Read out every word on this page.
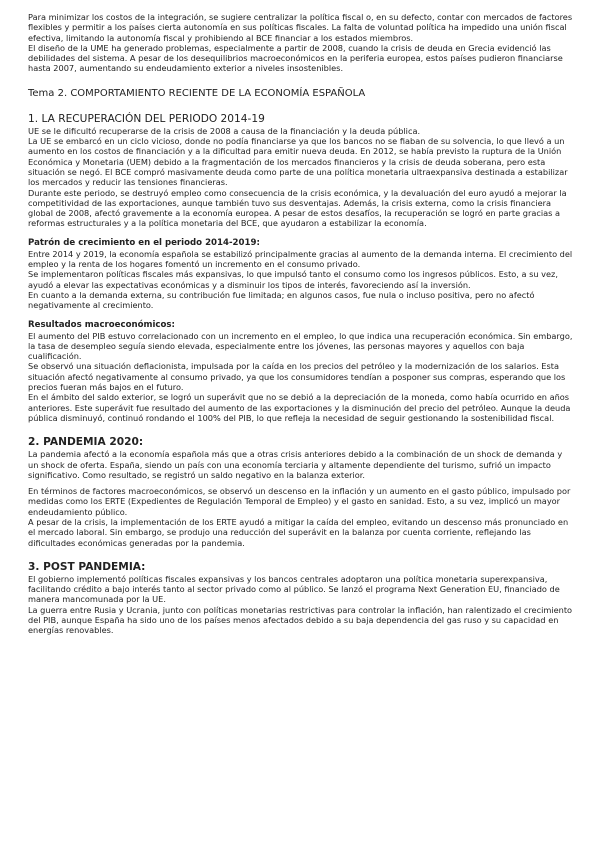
Para minimizar los costos de la integración, se sugiere centralizar la política fiscal o, en su defecto, contar con mercados de factores flexibles y permitir a los países cierta autonomía en sus políticas fiscales. La falta de voluntad política ha impedido una unión fiscal efectiva, limitando la autonomía fiscal y prohibiendo al BCE financiar a los estados miembros.

El diseño de la UME ha generado problemas, especialmente a partir de 2008, cuando la crisis de deuda en Grecia evidenció las debilidades del sistema. A pesar de los desequilibrios macroeconómicos en la periferia europea, estos países pudieron financiarse hasta 2007, aumentando su endeudamiento exterior a niveles insostenibles.

Tema 2. COMPORTAMIENTO RECIENTE DE LA ECONOMÍA ESPAÑOLA
1. LA RECUPERACIÓN DEL PERIODO 2014-19

UE se le dificultó recuperarse de la crisis de 2008 a causa de la financiación y la deuda pública.

La UE se embarcó en un ciclo vicioso, donde no podía financiarse ya que los bancos no se fiaban de su solvencia, lo que llevó a un aumento en los costos de financiación y a la dificultad para emitir nueva deuda. En 2012, se había previsto la ruptura de la Unión Económica y Monetaria (UEM) debido a la fragmentación de los mercados financieros y la crisis de deuda soberana, pero esta situación se negó. El BCE compró masivamente deuda como parte de una política monetaria ultraexpansiva destinada a estabilizar los mercados y reducir las tensiones financieras.

Durante este periodo, se destruyó empleo como consecuencia de la crisis económica, y la devaluación del euro ayudó a mejorar la competitividad de las exportaciones, aunque también tuvo sus desventajas. Además, la crisis externa, como la crisis financiera global de 2008, afectó gravemente a la economía europea. A pesar de estos desafíos, la recuperación se logró en parte gracias a reformas estructurales y a la política monetaria del BCE, que ayudaron a estabilizar la economía.

Patrón de crecimiento en el periodo 2014-2019:

Entre 2014 y 2019, la economía española se estabilizó principalmente gracias al aumento de la demanda interna. El crecimiento del empleo y la renta de los hogares fomentó un incremento en el consumo privado.

Se implementaron políticas fiscales más expansivas, lo que impulsó tanto el consumo como los ingresos públicos. Esto, a su vez, ayudó a elevar las expectativas económicas y a disminuir los tipos de interés, favoreciendo así la inversión.

En cuanto a la demanda externa, su contribución fue limitada; en algunos casos, fue nula o incluso positiva, pero no afectó negativamente al crecimiento.

Resultados macroeconómicos:

El aumento del PIB estuvo correlacionado con un incremento en el empleo, lo que indica una recuperación económica. Sin embargo, la tasa de desempleo seguía siendo elevada, especialmente entre los jóvenes, las personas mayores y aquellos con baja cualificación.

Se observó una situación deflacionista, impulsada por la caída en los precios del petróleo y la modernización de los salarios. Esta situación afectó negativamente al consumo privado, ya que los consumidores tendían a posponer sus compras, esperando que los precios fueran más bajos en el futuro.

En el ámbito del saldo exterior, se logró un superávit que no se debió a la depreciación de la moneda, como había ocurrido en años anteriores. Este superávit fue resultado del aumento de las exportaciones y la disminución del precio del petróleo. Aunque la deuda pública disminuyó, continuó rondando el 100% del PIB, lo que refleja la necesidad de seguir gestionando la sostenibilidad fiscal.

2. PANDEMIA 2020:

La pandemia afectó a la economía española más que a otras crisis anteriores debido a la combinación de un shock de demanda y un shock de oferta. España, siendo un país con una economía terciaria y altamente dependiente del turismo, sufrió un impacto significativo. Como resultado, se registró un saldo negativo en la balanza exterior.

En términos de factores macroeconómicos, se observó un descenso en la inflación y un aumento en el gasto público, impulsado por medidas como los ERTE (Expedientes de Regulación Temporal de Empleo) y el gasto en sanidad. Esto, a su vez, implicó un mayor endeudamiento público.

A pesar de la crisis, la implementación de los ERTE ayudó a mitigar la caída del empleo, evitando un descenso más pronunciado en el mercado laboral. Sin embargo, se produjo una reducción del superávit en la balanza por cuenta corriente, reflejando las dificultades económicas generadas por la pandemia.

3. POST PANDEMIA:

El gobierno implementó políticas fiscales expansivas y los bancos centrales adoptaron una política monetaria superexpansiva, facilitando crédito a bajo interés tanto al sector privado como al público. Se lanzó el programa Next Generation EU, financiado de manera mancomunada por la UE.

La guerra entre Rusia y Ucrania, junto con políticas monetarias restrictivas para controlar la inflación, han ralentizado el crecimiento del PIB, aunque España ha sido uno de los países menos afectados debido a su baja dependencia del gas ruso y su capacidad en energías renovables.
